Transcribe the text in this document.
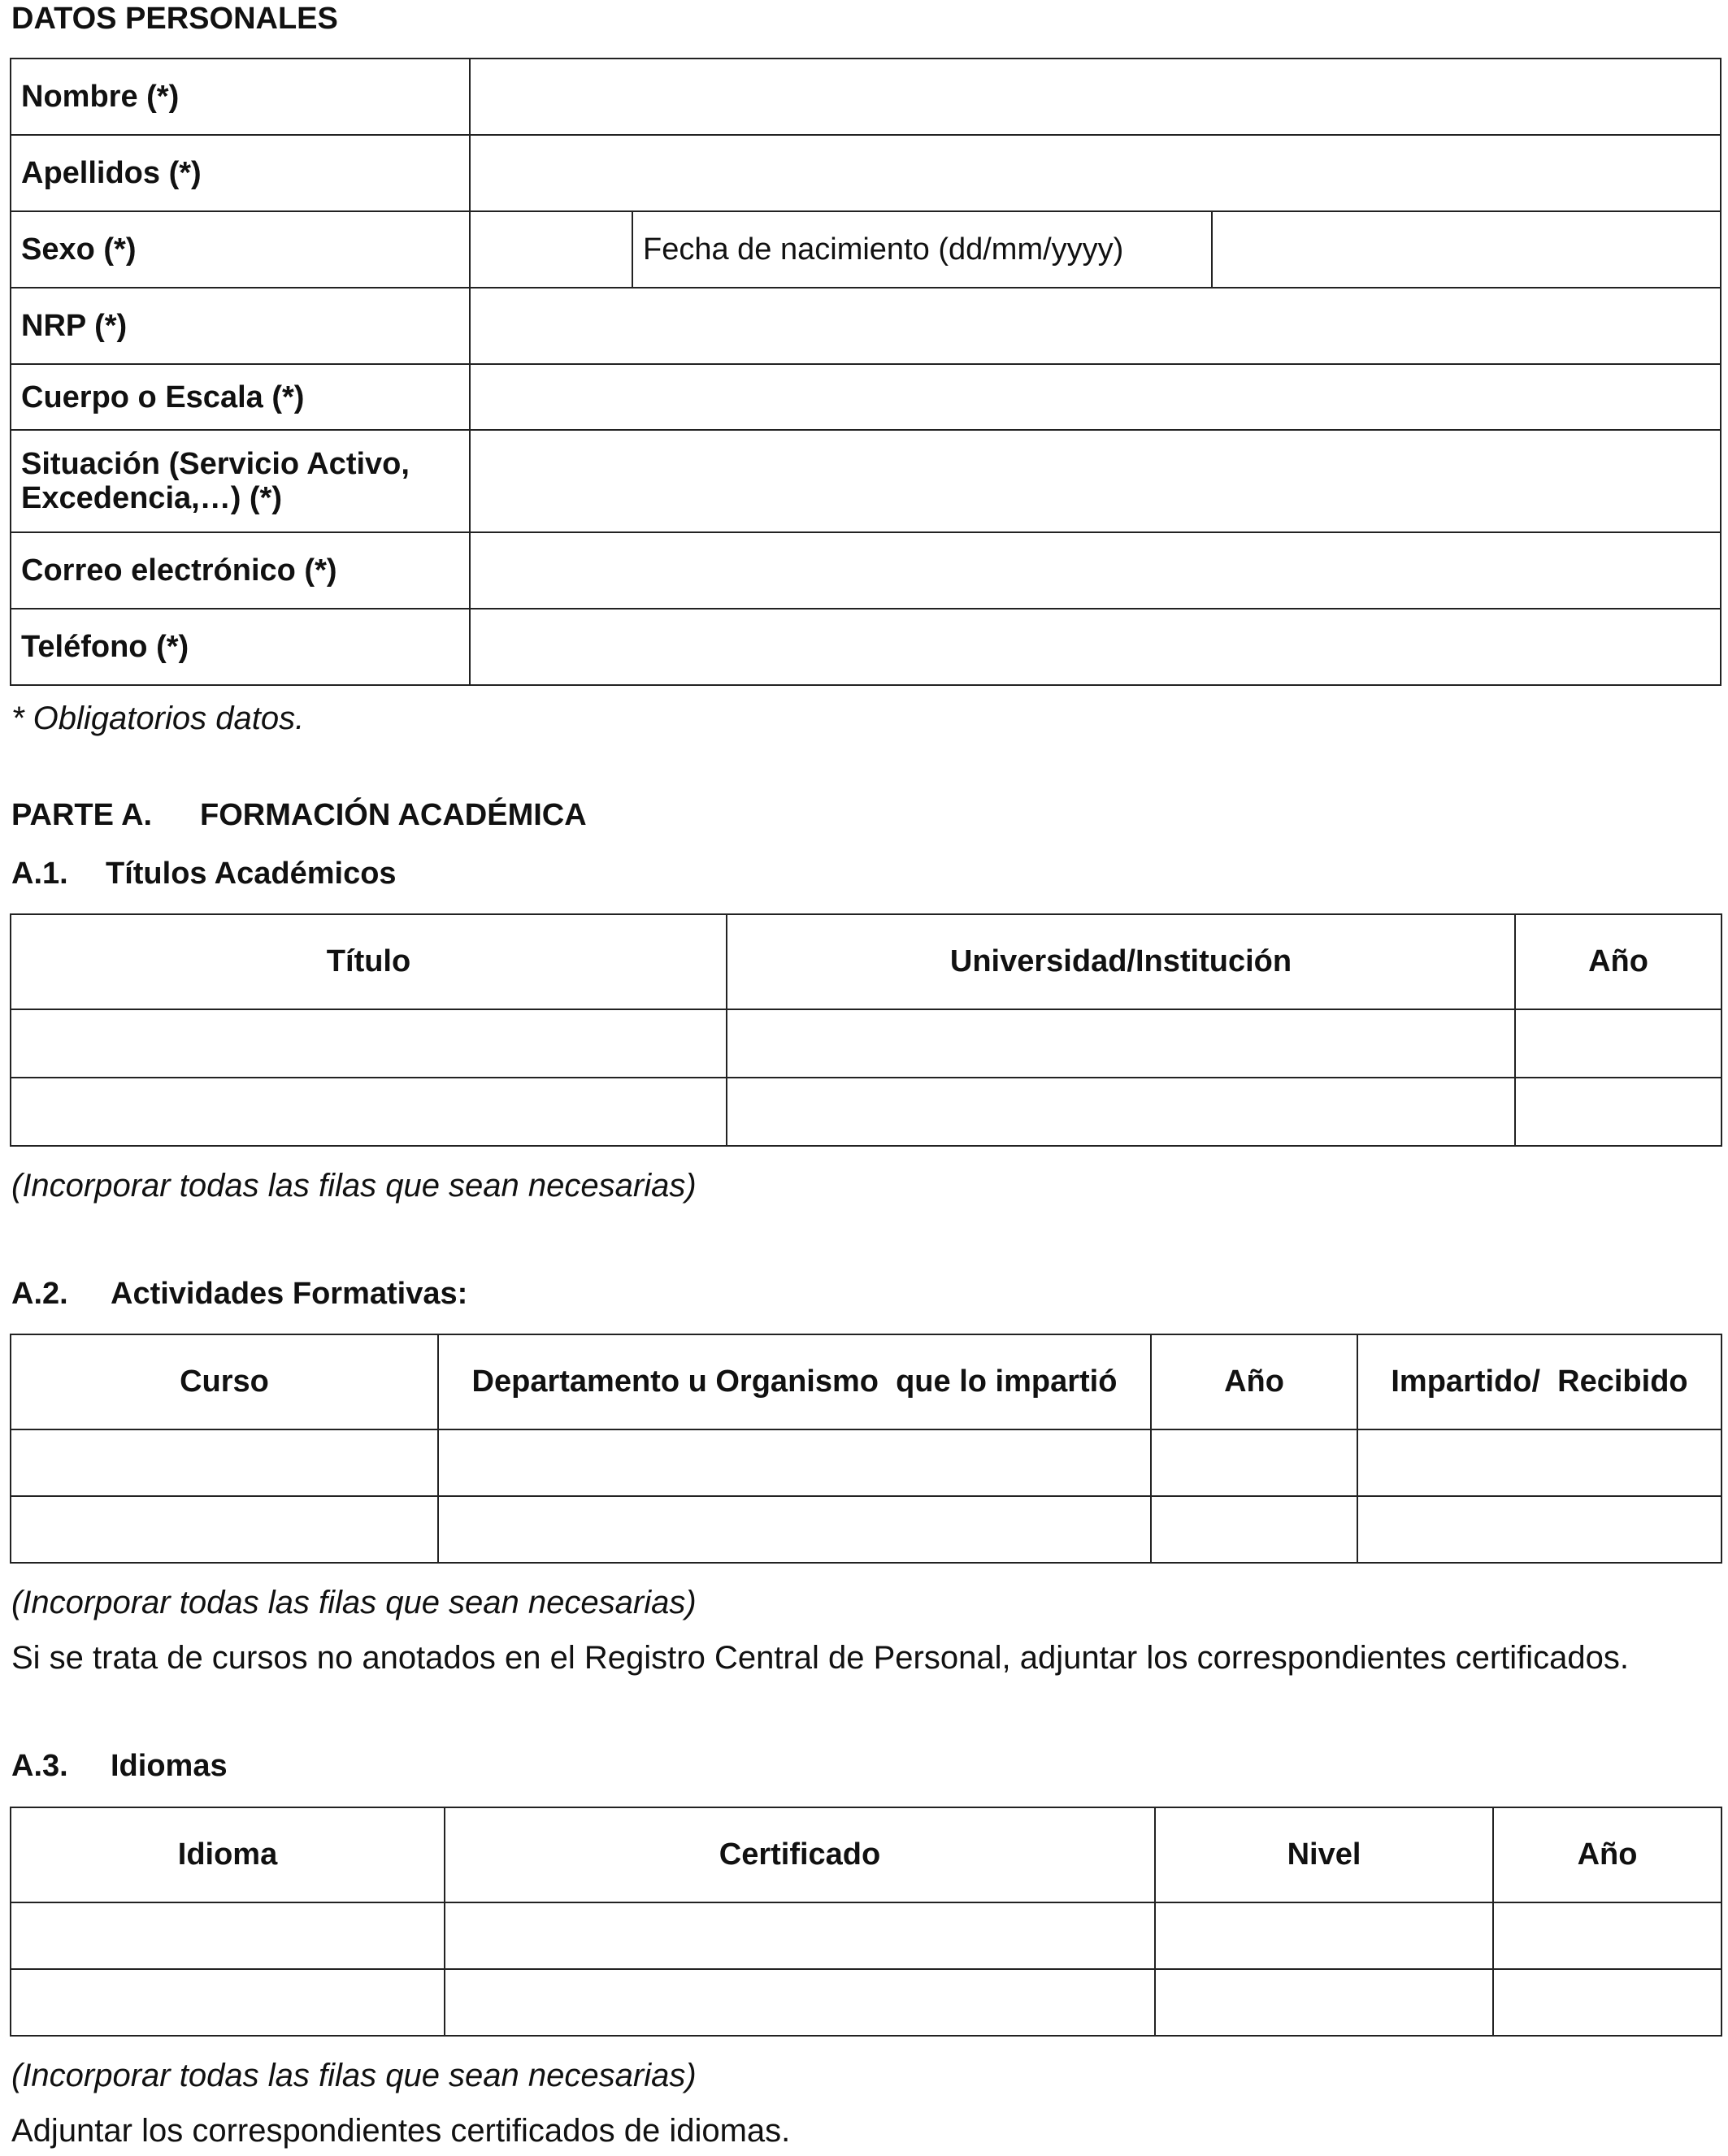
DATOS PERSONALES
Nombre (*)			
Apellidos (*)			
Sexo (*)		Fecha de nacimiento (dd/mm/yyyy)	
NRP (*)			
Cuerpo o Escala (*)			

Situación (Servicio Activo,
Excedencia,…) (*)			

Correo electrónico (*)			
Teléfono (*)			
* Obligatorios datos.
PARTE A. FORMACIÓN ACADÉMICA
A.1. Títulos Académicos
Título	Universidad/Institución	Año

(Incorporar todas las filas que sean necesarias)
A.2. Actividades Formativas:
Curso	Departamento u Organismo  que lo impartió	Año	Impartido/  Recibido

(Incorporar todas las filas que sean necesarias)
Si se trata de cursos no anotados en el Registro Central de Personal, adjuntar los correspondientes certificados.
A.3. Idiomas
Idioma	Certificado	Nivel	Año

(Incorporar todas las filas que sean necesarias)
Adjuntar los correspondientes certificados de idiomas.
